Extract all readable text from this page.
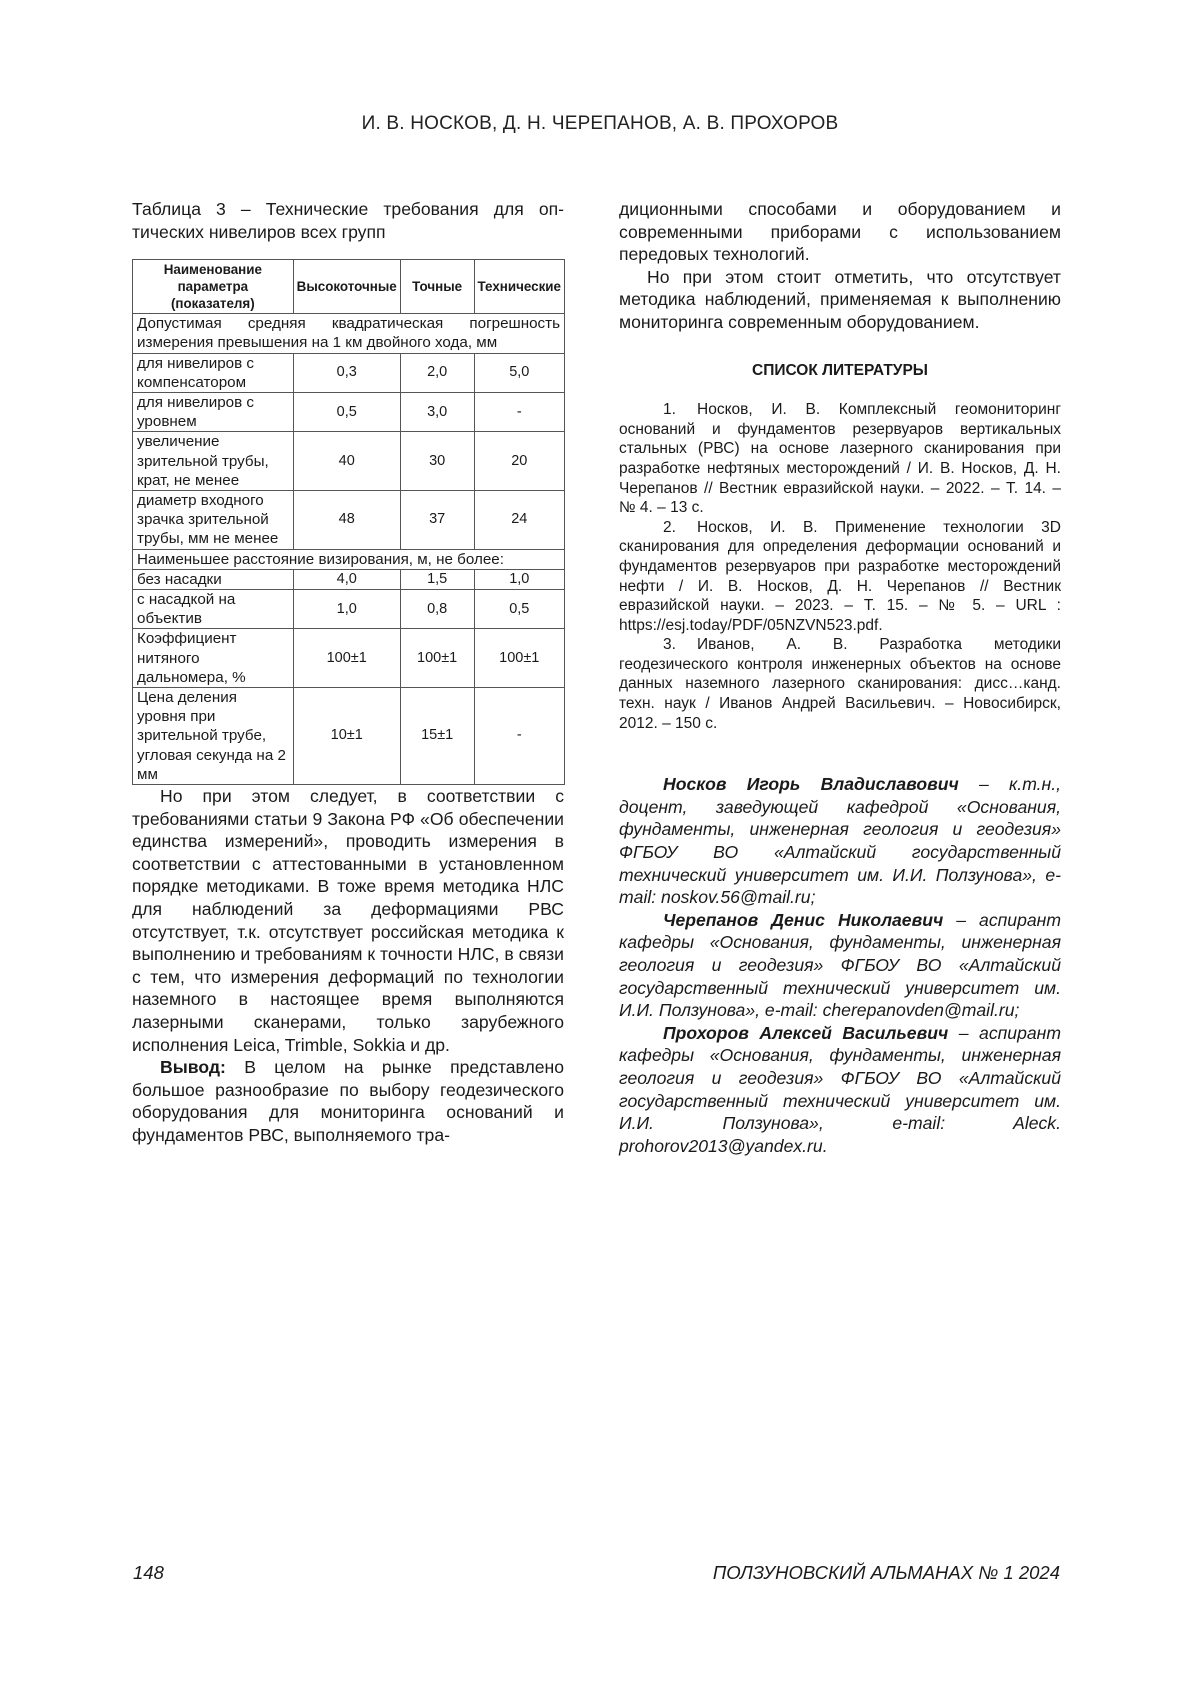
И. В. НОСКОВ, Д. Н. ЧЕРЕПАНОВ, А. В. ПРОХОРОВ
Таблица 3 – Технические требования для оп-
тических нивелиров всех групп
Наименование параметра (показателя)	Высокоточные	Точные	Технические
Допустимая средняя квадратическая погрешность измерения превышения на 1 км двойного хода, мм			
для нивелиров с компенсатором	0,3	2,0	5,0
для нивелиров с уровнем	0,5	3,0	-
увеличение зрительной трубы, крат, не менее	40	30	20
диаметр входного зрачка зрительной трубы, мм не менее	48	37	24
Наименьшее расстояние визирования, м, не более:			
без насадки	4,0	1,5	1,0
с насадкой на объектив	1,0	0,8	0,5
Коэффициент нитяного дальномера, %	100±1	100±1	100±1
Цена деления уровня при зрительной трубе, угловая секунда на 2 мм	10±1	15±1	-

Но при этом следует, в соответствии с требованиями статьи 9 Закона РФ «Об обеспечении единства измерений», проводить измерения в соответствии с аттестованными в установленном порядке методиками. В тоже время методика НЛС для наблюдений за деформациями РВС отсутствует, т.к. отсутствует российская методика к выполнению и требованиям к точности НЛС, в связи с тем, что измерения деформаций по технологии наземного в настоящее время выполняются лазерными сканерами, только зарубежного исполнения Leica, Trimble, Sokkia и др.

Вывод: В целом на рынке представлено большое разнообразие по выбору геодезического оборудования для мониторинга оснований и фундаментов РВС, выполняемого тра-

диционными способами и оборудованием и современными приборами с использованием передовых технологий.

Но при этом стоит отметить, что отсутствует методика наблюдений, применяемая к выполнению мониторинга современным оборудованием.

СПИСОК ЛИТЕРАТУРЫ

1. Носков, И. В. Комплексный геомониторинг оснований и фундаментов резервуаров вертикальных стальных (РВС) на основе лазерного сканирования при разработке нефтяных месторождений / И. В. Носков, Д. Н. Черепанов // Вестник евразийской науки. – 2022. – Т. 14. – № 4. – 13 с.

2. Носков, И. В. Применение технологии 3D сканирования для определения деформации оснований и фундаментов резервуаров при разработке месторождений нефти / И. В. Носков, Д. Н. Черепанов // Вестник евразийской науки. – 2023. – Т. 15. – № 5. – URL : https://esj.today/PDF/05NZVN523.pdf.

3. Иванов, А. В. Разработка методики геодезического контроля инженерных объектов на основе данных наземного лазерного сканирования: дисс…канд. техн. наук / Иванов Андрей Васильевич. – Новосибирск, 2012. – 150 с.

Носков Игорь Владиславович – к.т.н., доцент, заведующей кафедрой «Основания, фундаменты, инженерная геология и геодезия» ФГБОУ ВО «Алтайский государственный технический университет им. И.И. Ползунова», e-mail: noskov.56@mail.ru;

Черепанов Денис Николаевич – аспирант кафедры «Основания, фундаменты, инженерная геология и геодезия» ФГБОУ ВО «Алтайский государственный технический университет им. И.И. Ползунова», e-mail: cherepanovden@mail.ru;

Прохоров Алексей Васильевич – аспирант кафедры «Основания, фундаменты, инженерная геология и геодезия» ФГБОУ ВО «Алтайский государственный технический университет им. И.И. Ползунова», e-mail: Aleck. prohorov2013@yandex.ru.

148	ПОЛЗУНОВСКИЙ АЛЬМАНАХ № 1 2024
